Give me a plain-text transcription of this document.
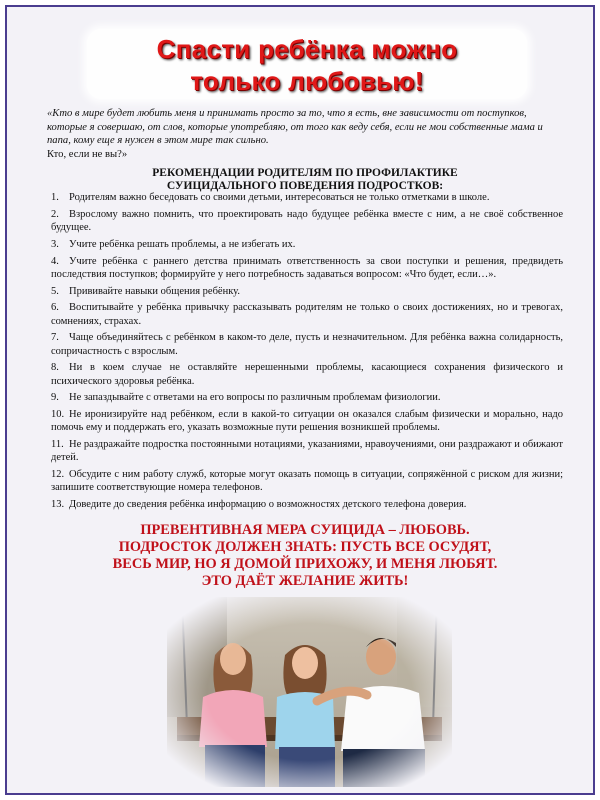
Спасти ребёнка можно
только любовью!
«Кто в мире будет любить меня и принимать просто за то, что я есть, вне зависимости от поступков, которые я совершаю, от слов, которые употребляю, от того как веду себя, если не мои собственные мама и папа, кому еще я нужен в этом мире так сильно.
Кто, если не вы?»
РЕКОМЕНДАЦИИ РОДИТЕЛЯМ ПО ПРОФИЛАКТИКЕ
СУИЦИДАЛЬНОГО ПОВЕДЕНИЯ ПОДРОСТКОВ:
1. Родителям важно беседовать со своими детьми, интересоваться не только отметками в школе.
2. Взрослому важно помнить, что проектировать надо будущее ребёнка вместе с ним, а не своё собственное будущее.
3. Учите ребёнка решать проблемы, а не избегать их.
4. Учите ребёнка с раннего детства принимать ответственность за свои поступки и решения, предвидеть последствия поступков; формируйте у него потребность задаваться вопросом: «Что будет, если…».
5. Прививайте навыки общения ребёнку.
6. Воспитывайте у ребёнка привычку рассказывать родителям не только о своих достижениях, но и тревогах, сомнениях, страхах.
7. Чаще объединяйтесь с ребёнком в каком-то деле, пусть и незначительном. Для ребёнка важна солидарность, сопричастность с взрослым.
8. Ни в коем случае не оставляйте нерешенными проблемы, касающиеся сохранения физического и психического здоровья ребёнка.
9. Не запаздывайте с ответами на его вопросы по различным проблемам физиологии.
10. Не иронизируйте над ребёнком, если в какой-то ситуации он оказался слабым физически и морально, надо помочь ему и поддержать его, указать возможные пути решения возникшей проблемы.
11. Не раздражайте подростка постоянными нотациями, указаниями, нравоучениями, они раздражают и обижают детей.
12. Обсудите с ним работу служб, которые могут оказать помощь в ситуации, сопряжённой с риском для жизни; запишите соответствующие номера телефонов.
13. Доведите до сведения ребёнка информацию о возможностях детского телефона доверия.
ПРЕВЕНТИВНАЯ МЕРА СУИЦИДА – ЛЮБОВЬ.
ПОДРОСТОК ДОЛЖЕН ЗНАТЬ: ПУСТЬ ВСЕ ОСУДЯТ,
ВЕСЬ МИР, НО Я ДОМОЙ ПРИХОЖУ, И МЕНЯ ЛЮБЯТ.
ЭТО ДАЁТ ЖЕЛАНИЕ ЖИТЬ!
